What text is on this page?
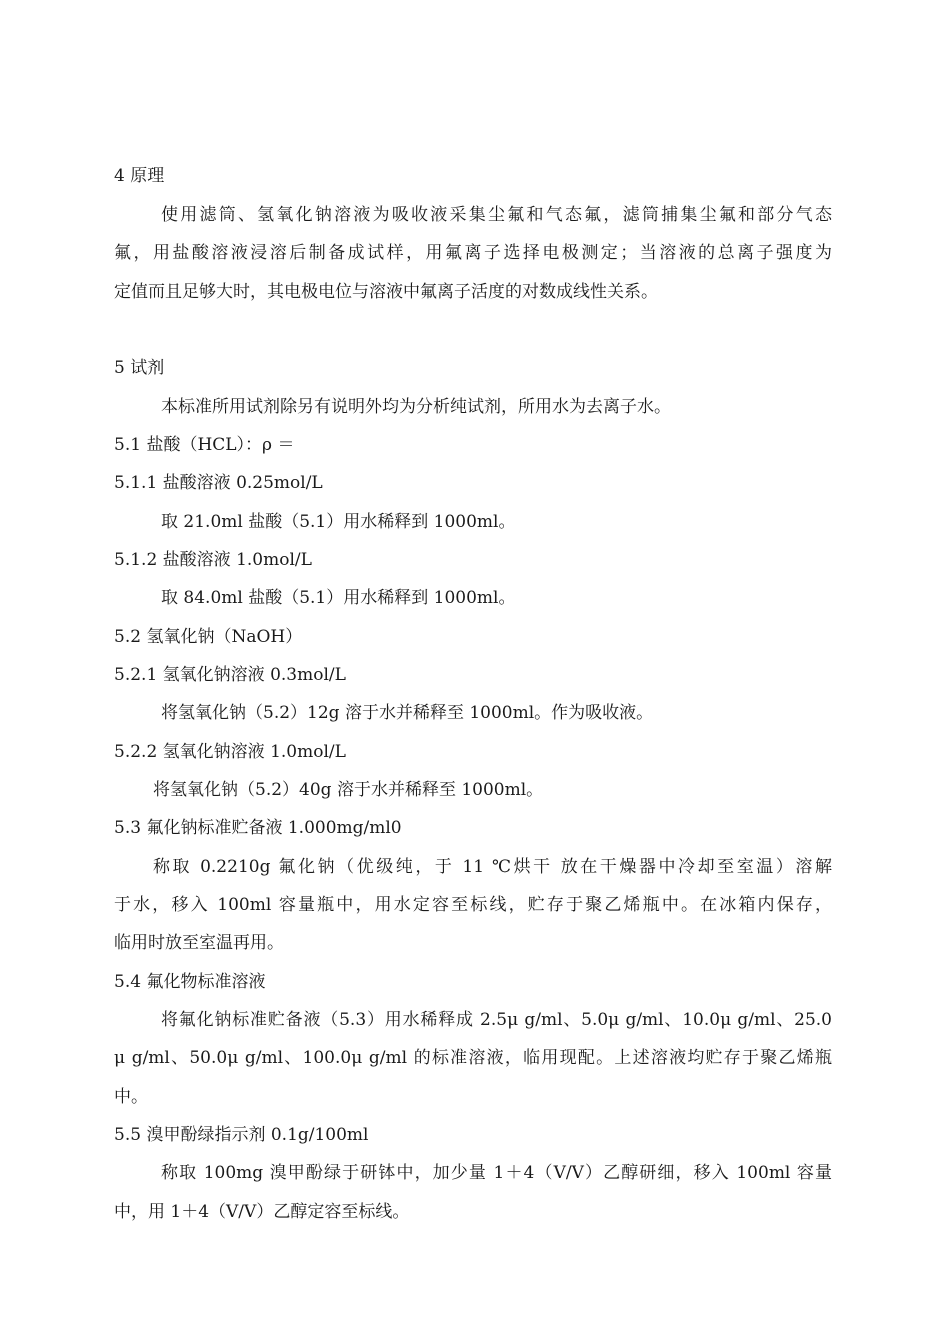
4 原理
使用滤筒、氢氧化钠溶液为吸收液采集尘氟和气态氟，滤筒捕集尘氟和部分气态
氟，用盐酸溶液浸溶后制备成试样，用氟离子选择电极测定；当溶液的总离子强度为
定值而且足够大时，其电极电位与溶液中氟离子活度的对数成线性关系。
5 试剂
本标准所用试剂除另有说明外均为分析纯试剂，所用水为去离子水。
5.1 盐酸（HCL）：ρ ＝
5.1.1 盐酸溶液 0.25mol/L
取 21.0ml 盐酸（5.1）用水稀释到 1000ml。
5.1.2 盐酸溶液 1.0mol/L
取 84.0ml 盐酸（5.1）用水稀释到 1000ml。
5.2 氢氧化钠（NaOH）
5.2.1 氢氧化钠溶液 0.3mol/L
将氢氧化钠（5.2）12g 溶于水并稀释至 1000ml。作为吸收液。
5.2.2 氢氧化钠溶液 1.0mol/L
将氢氧化钠（5.2）40g 溶于水并稀释至 1000ml。
5.3 氟化钠标准贮备液 1.000mg/ml0
称取 0.2210g 氟化钠（优级纯，于 11 ℃烘干 放在干燥器中冷却至室温）溶解
于水，移入 100ml 容量瓶中，用水定容至标线，贮存于聚乙烯瓶中。在冰箱内保存，
临用时放至室温再用。
5.4 氟化物标准溶液
将氟化钠标准贮备液（5.3）用水稀释成 2.5μ g/ml、5.0μ g/ml、10.0μ g/ml、25.0
μ g/ml、50.0μ g/ml、100.0μ g/ml 的标准溶液，临用现配。上述溶液均贮存于聚乙烯瓶
中。
5.5 溴甲酚绿指示剂 0.1g/100ml
称取 100mg 溴甲酚绿于研钵中，加少量 1＋4（V/V）乙醇研细，移入 100ml 容量
中，用 1＋4（V/V）乙醇定容至标线。
